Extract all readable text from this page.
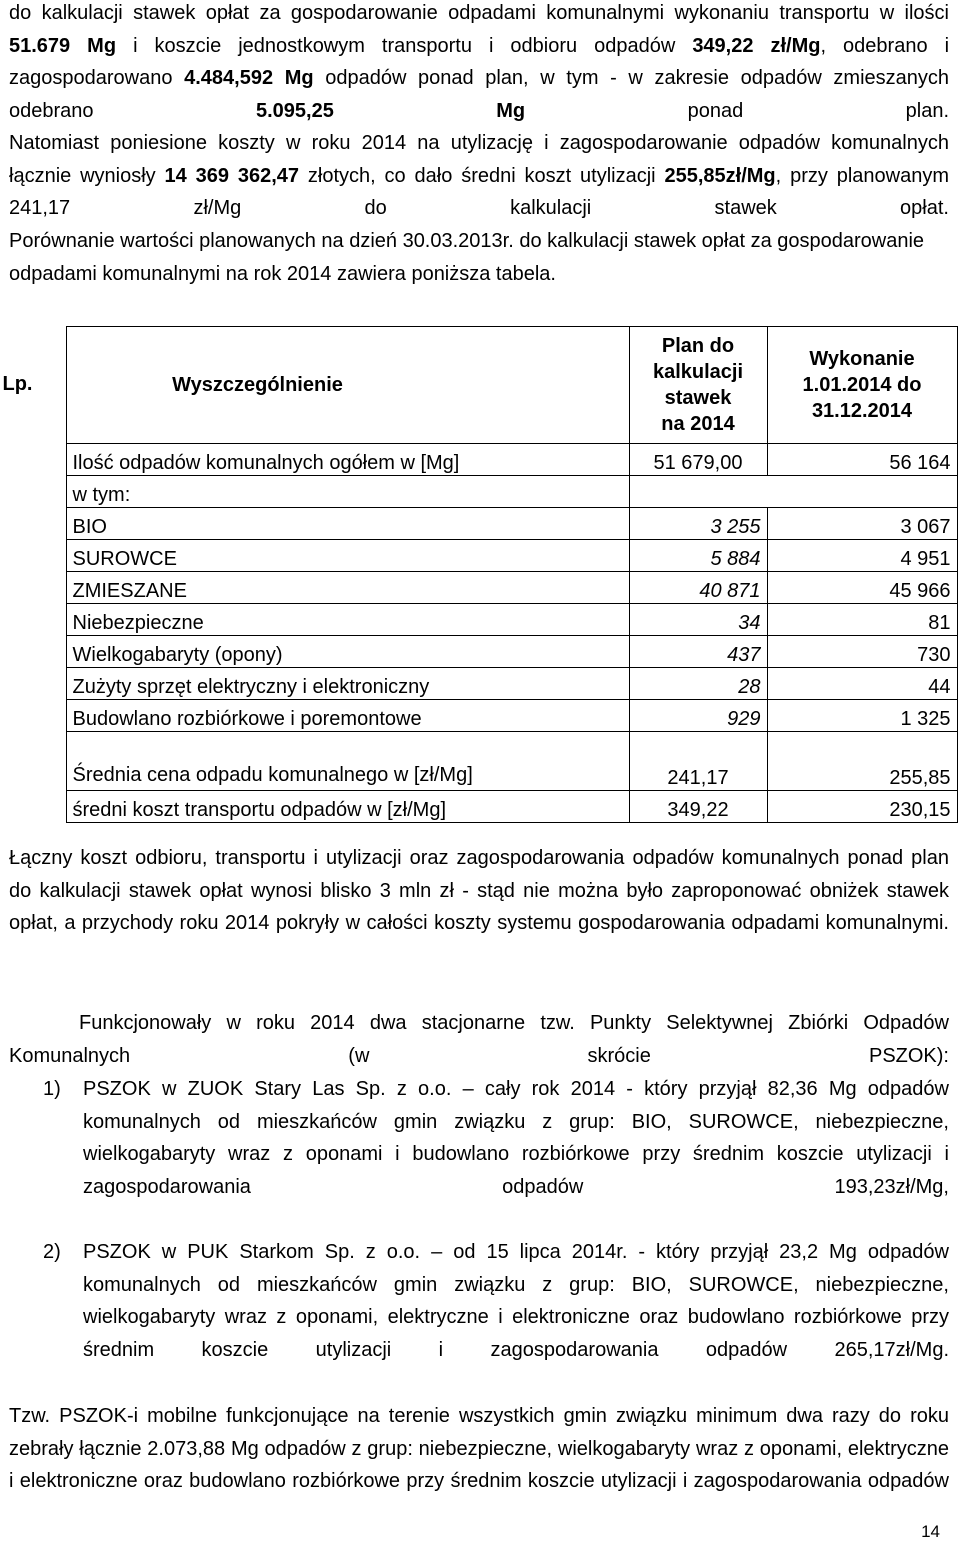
do kalkulacji stawek opłat za gospodarowanie odpadami komunalnymi wykonaniu transportu w ilości 51.679 Mg i koszcie jednostkowym transportu i odbioru odpadów 349,22 zł/Mg, odebrano i zagospodarowano 4.484,592 Mg odpadów ponad plan, w tym - w zakresie odpadów zmieszanych odebrano 5.095,25 Mg ponad plan.

Natomiast poniesione koszty w roku 2014 na utylizację i zagospodarowanie odpadów komunalnych łącznie wyniosły 14 369 362,47 złotych, co dało średni koszt utylizacji 255,85zł/Mg, przy planowanym 241,17 zł/Mg do kalkulacji stawek opłat.

Porównanie wartości planowanych na dzień 30.03.2013r. do kalkulacji stawek opłat za gospodarowanie odpadami komunalnymi na rok 2014 zawiera poniższa tabela.

	Lp. Wyszczególnienie	Plan do kalkulacji stawek na 2014	Wykonanie 1.01.2014 do 31.12.2014
	Ilość odpadów komunalnych ogółem w [Mg]	51 679,00	56 164
	w tym:		
	BIO	3 255	3 067
	SUROWCE	5 884	4 951
	ZMIESZANE	40 871	45 966
	Niebezpieczne	34	81
	Wielkogabaryty (opony)	437	730
	Zużyty sprzęt elektryczny i elektroniczny	28	44
	Budowlano rozbiórkowe i poremontowe	929	1 325
	Średnia cena odpadu komunalnego w [zł/Mg]	241,17	255,85
	średni koszt transportu odpadów w [zł/Mg]	349,22	230,15

Łączny koszt odbioru, transportu i utylizacji oraz zagospodarowania odpadów komunalnych ponad plan do kalkulacji stawek opłat wynosi blisko 3 mln zł - stąd nie można było zaproponować obniżek stawek opłat, a przychody roku 2014 pokryły w całości koszty systemu gospodarowania odpadami komunalnymi.

Funkcjonowały w roku 2014 dwa stacjonarne tzw. Punkty Selektywnej Zbiórki Odpadów Komunalnych (w skrócie PSZOK):

1) PSZOK w ZUOK Stary Las Sp. z o.o. – cały rok 2014 - który przyjął 82,36 Mg odpadów komunalnych od mieszkańców gmin związku z grup: BIO, SUROWCE, niebezpieczne, wielkogabaryty wraz z oponami i budowlano rozbiórkowe przy średnim koszcie utylizacji i zagospodarowania odpadów 193,23zł/Mg,

2) PSZOK w PUK Starkom Sp. z o.o. – od 15 lipca 2014r. - który przyjął 23,2 Mg odpadów komunalnych od mieszkańców gmin związku z grup: BIO, SUROWCE, niebezpieczne, wielkogabaryty wraz z oponami, elektryczne i elektroniczne oraz budowlano rozbiórkowe przy średnim koszcie utylizacji i zagospodarowania odpadów 265,17zł/Mg.

Tzw. PSZOK-i mobilne funkcjonujące na terenie wszystkich gmin związku minimum dwa razy do roku zebrały łącznie 2.073,88 Mg odpadów z grup: niebezpieczne, wielkogabaryty wraz z oponami, elektryczne i elektroniczne oraz budowlano rozbiórkowe przy średnim koszcie utylizacji i zagospodarowania odpadów

14
